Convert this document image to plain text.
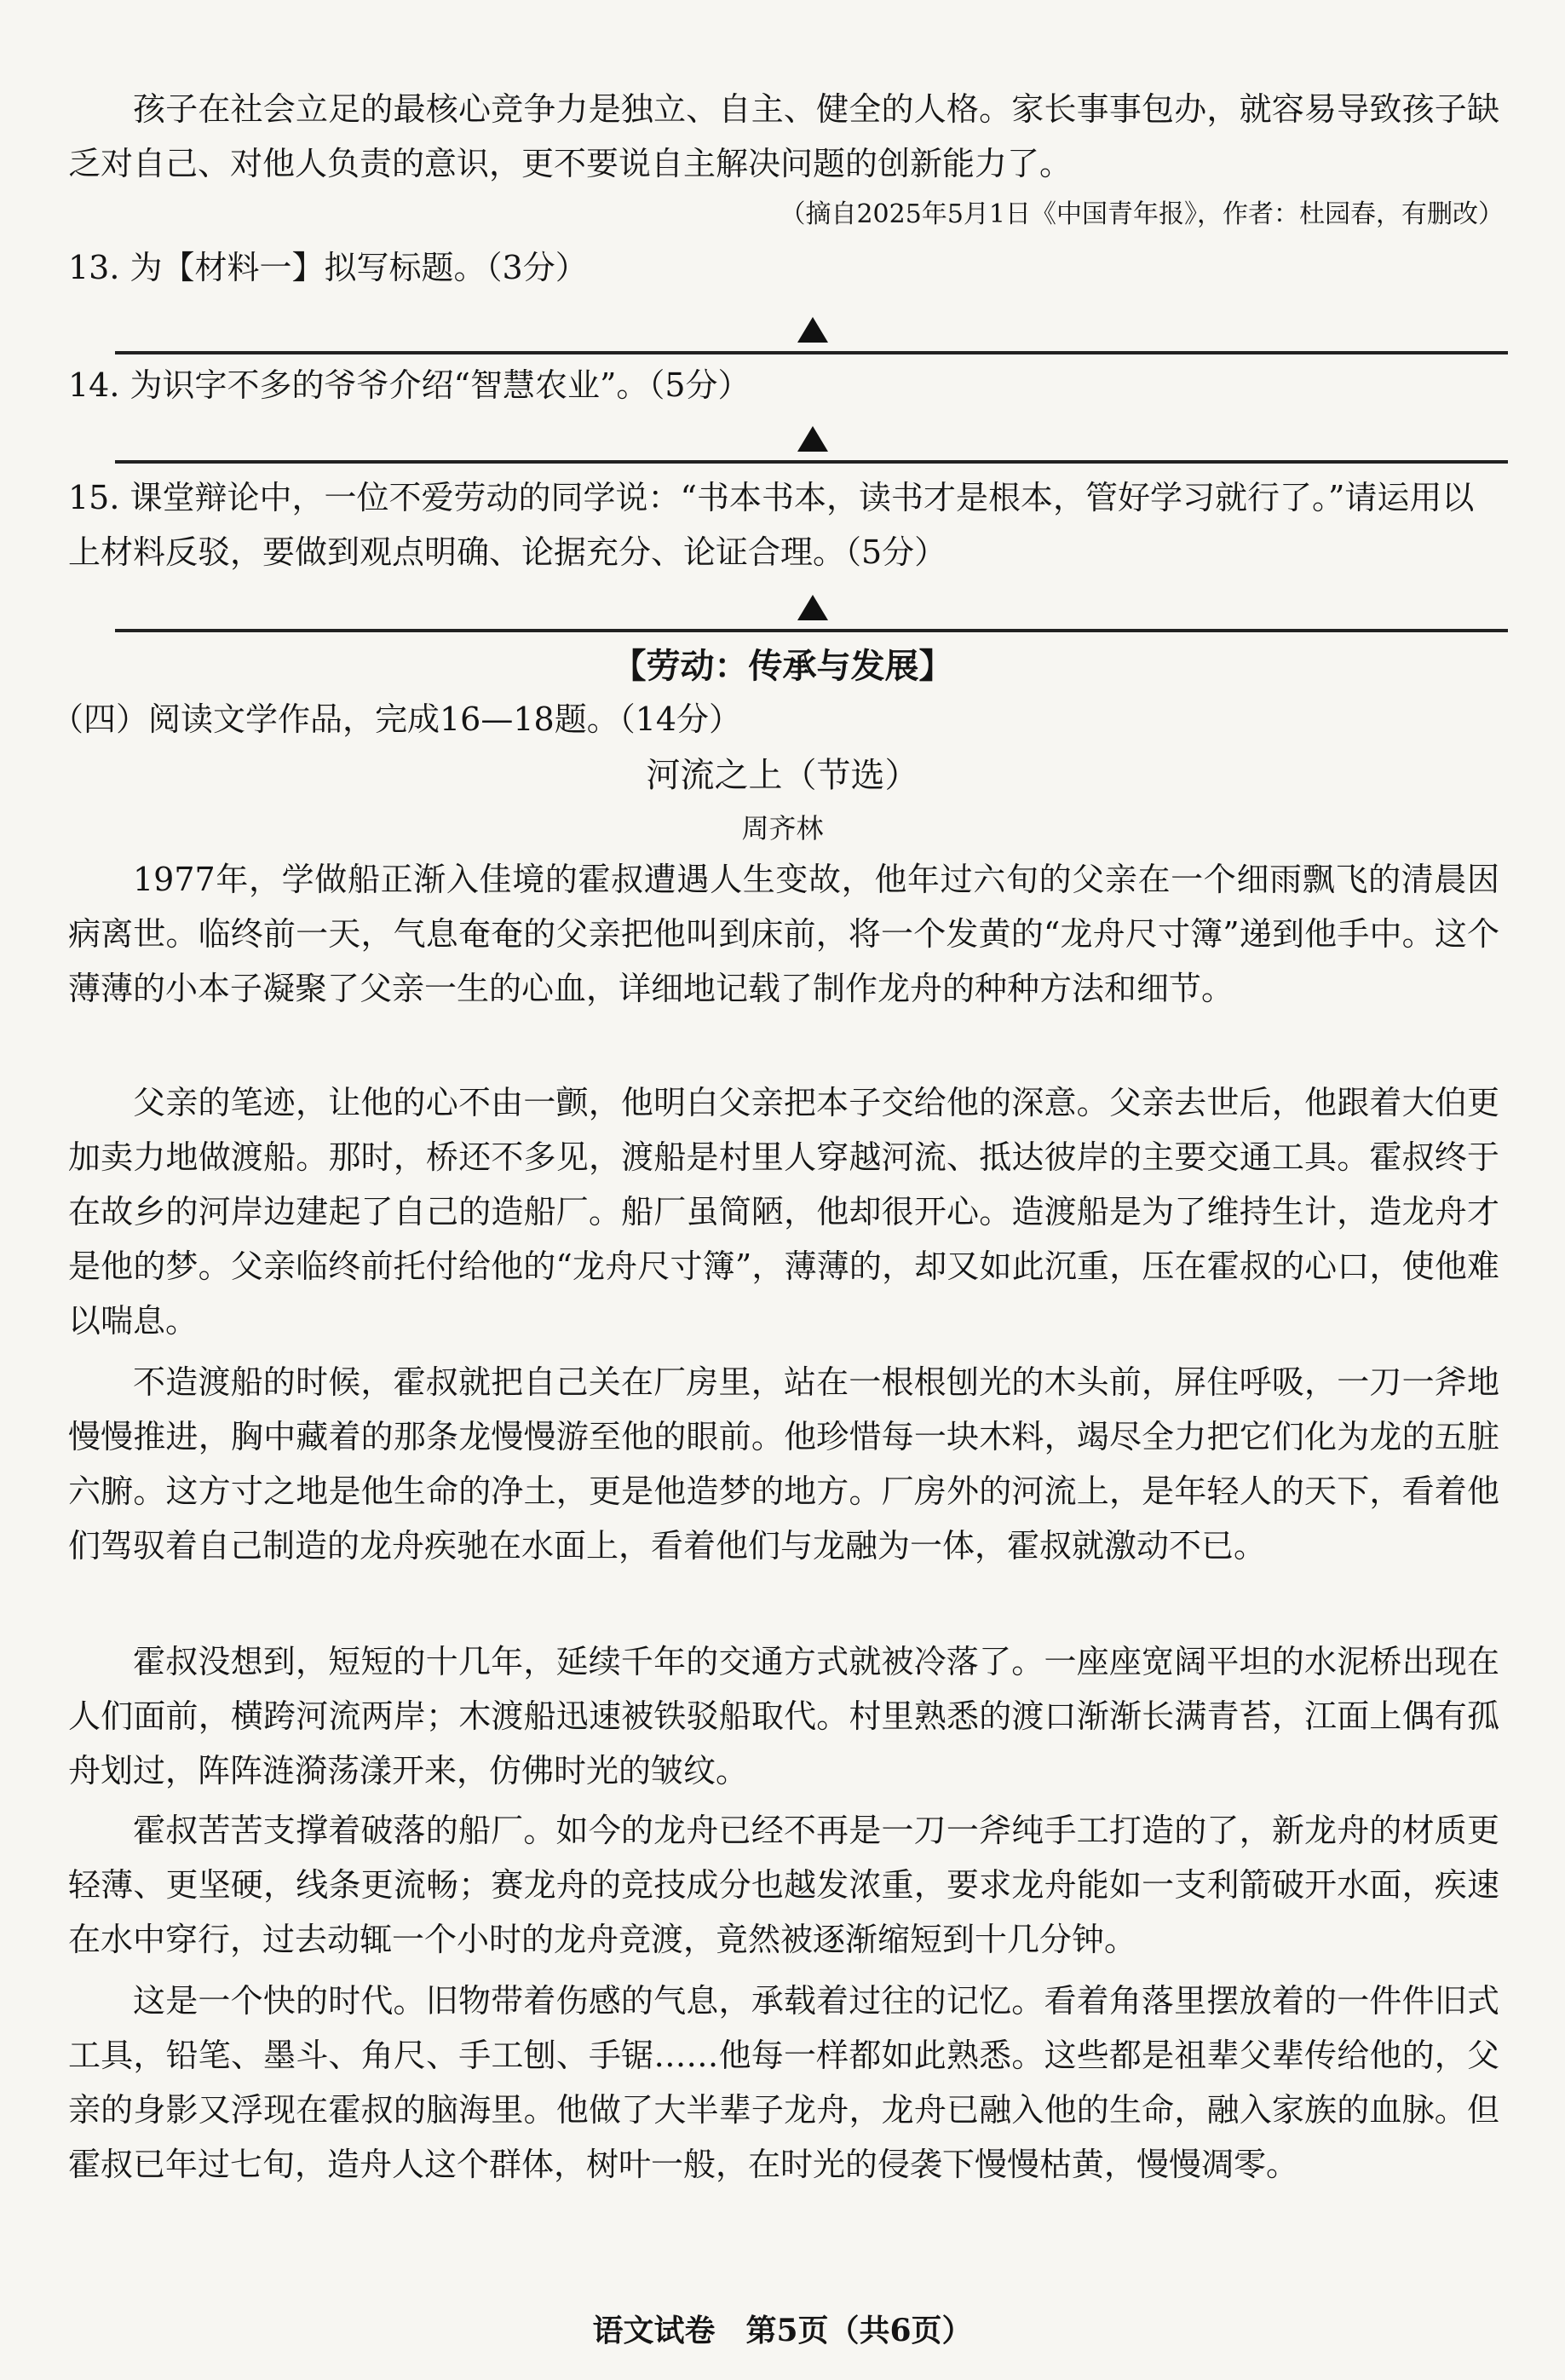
孩子在社会立足的最核心竞争力是独立、自主、健全的人格。家长事事包办，就容易导致孩子缺乏对自己、对他人负责的意识，更不要说自主解决问题的创新能力了。

（摘自2025年5月1日《中国青年报》，作者：杜园春，有删改）

13. 为【材料一】拟写标题。（3分）

14. 为识字不多的爷爷介绍“智慧农业”。（5分）

15. 课堂辩论中，一位不爱劳动的同学说：“书本书本，读书才是根本，管好学习就行了。”请运用以上材料反驳，要做到观点明确、论据充分、论证合理。（5分）

【劳动：传承与发展】

（四）阅读文学作品，完成16—18题。（14分）

河流之上（节选）

周齐林

1977年，学做船正渐入佳境的霍叔遭遇人生变故，他年过六旬的父亲在一个细雨飘飞的清晨因病离世。临终前一天，气息奄奄的父亲把他叫到床前，将一个发黄的“龙舟尺寸簿”递到他手中。这个薄薄的小本子凝聚了父亲一生的心血，详细地记载了制作龙舟的种种方法和细节。

父亲的笔迹，让他的心不由一颤，他明白父亲把本子交给他的深意。父亲去世后，他跟着大伯更加卖力地做渡船。那时，桥还不多见，渡船是村里人穿越河流、抵达彼岸的主要交通工具。霍叔终于在故乡的河岸边建起了自己的造船厂。船厂虽简陋，他却很开心。造渡船是为了维持生计，造龙舟才是他的梦。父亲临终前托付给他的“龙舟尺寸簿”，薄薄的，却又如此沉重，压在霍叔的心口，使他难以喘息。

不造渡船的时候，霍叔就把自己关在厂房里，站在一根根刨光的木头前，屏住呼吸，一刀一斧地慢慢推进，胸中藏着的那条龙慢慢游至他的眼前。他珍惜每一块木料，竭尽全力把它们化为龙的五脏六腑。这方寸之地是他生命的净土，更是他造梦的地方。厂房外的河流上，是年轻人的天下，看着他们驾驭着自己制造的龙舟疾驰在水面上，看着他们与龙融为一体，霍叔就激动不已。

霍叔没想到，短短的十几年，延续千年的交通方式就被冷落了。一座座宽阔平坦的水泥桥出现在人们面前，横跨河流两岸；木渡船迅速被铁驳船取代。村里熟悉的渡口渐渐长满青苔，江面上偶有孤舟划过，阵阵涟漪荡漾开来，仿佛时光的皱纹。

霍叔苦苦支撑着破落的船厂。如今的龙舟已经不再是一刀一斧纯手工打造的了，新龙舟的材质更轻薄、更坚硬，线条更流畅；赛龙舟的竞技成分也越发浓重，要求龙舟能如一支利箭破开水面，疾速在水中穿行，过去动辄一个小时的龙舟竞渡，竟然被逐渐缩短到十几分钟。

这是一个快的时代。旧物带着伤感的气息，承载着过往的记忆。看着角落里摆放着的一件件旧式工具，铅笔、墨斗、角尺、手工刨、手锯……他每一样都如此熟悉。这些都是祖辈父辈传给他的，父亲的身影又浮现在霍叔的脑海里。他做了大半辈子龙舟，龙舟已融入他的生命，融入家族的血脉。但霍叔已年过七旬，造舟人这个群体，树叶一般，在时光的侵袭下慢慢枯黄，慢慢凋零。

语文试卷　第5页（共6页）
